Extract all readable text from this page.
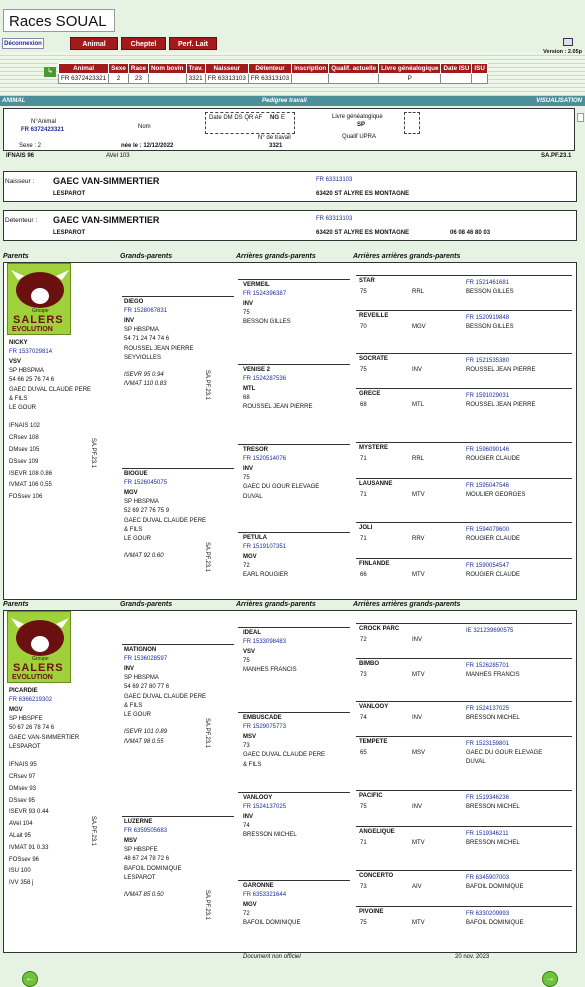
Races SOUAL
Version : 2.05p
Déconnexion	Animal	Cheptel	Perf. Lait
↳	Animal	Sexe	Race	Nom bovin	Trav.	Naisseur	Détenteur	Inscription	Qualif. actuelle	Livre généalogique	Date ISU	ISU
FR 6372423321	2	23		3321	FR 63313103	FR 63313103			P		
ANIMAL	Pedigree travail	VISUALISATION
N°Animal
FR 6372423321	Nom
Date DM DS QR AF NG E
N° de travail
3321
Livre généalogique
SP
Qualif UPRA
Sexe : 2	née le : 12/12/2022
IFNAIS 96	AVel 103	SA.PF.23.1
Naisseur : GAEC VAN-SIMMERTIER
LESPAROT
FR 63313103
63420 ST ALYRE ES MONTAGNE
Détenteur : GAEC VAN-SIMMERTIER
LESPAROT
FR 63313103
63420 ST ALYRE ES MONTAGNE	06 08 46 80 03
Document non officiel	20 nov. 2023
←	→
Parents	Grands-parents	Arrières grands-parents	Arrières arrières grands-parents
Groupe
SALERS
EVOLUTION
NICKY
FR 1537029814
VSV
SP HBSPMA
54 66 25 76 74 6
GAEC DUVAL CLAUDE PERE
& FILS
LE GOUR
IFNAIS 102
CRsev 108
DMsev 105
DSsev 109
ISEVR 108 0.86
IVMAT 106 0.55
FOSsev 106
SA.PF.23.1
DIEGO
FR 1528067831
INV
SP HBSPMA
54 71 24 74 74 6
ROUSSEL JEAN PIERRE
SEYVIOLLES
ISEVR 95 0.94
IVMAT 110 0.83	SA.PF.23.1
BIOGUE
FR 1526045075
MGV
SP HBSPMA
52 69 27 76 75 9
GAEC DUVAL CLAUDE PERE
& FILS
LE GOUR
IVMAT 92 0.60	SA.PF.23.1
VERMEIL
FR 1524396387
INV
75
BESSON GILLES
VENISE 2
FR 1524287536
MTL
68
ROUSSEL JEAN PIERRE
TRESOR
FR 1520514076
INV
75
GAEC DU GOUR ELEVAGE
DUVAL
PETULA
FR 1519107351
MGV
72
EARL ROUGIER
STAR
75	RRL
FR 1521461681
BESSON GILLES
REVEILLE
70	MGV
FR 1520919848
BESSON GILLES
SOCRATE
75	INV
FR 1521535380
ROUSSEL JEAN PIERRE
GRECE
68	MTL
FR 1591029031
ROUSSEL JEAN PIERRE
MYSTERE
71	RRL
FR 1596090146
ROUGIER CLAUDE
LAUSANNE
71	MTV
FR 1595047546
MOULIER GEORGES
JOLI
71	RRV
FR 1594079600
ROUGIER CLAUDE
FINLANDE
66	MTV
FR 1590054547
ROUGIER CLAUDE
Parents	Grands-parents	Arrières grands-parents	Arrières arrières grands-parents
Groupe
SALERS
EVOLUTION
PICARDIE
FR 6366219302
MGV
SP HBSPFE
50 67 26 78 74 6
GAEC VAN-SIMMERTIER
LESPAROT
IFNAIS 95
CRsev 97
DMsev 93
DSsev 95
ISEVR 93 0.44
AVel 104
ALait 95
IVMAT 91 0.33
FOSsev 96
ISU 100
IVV 358 j
SA.PF.23.1
MATIGNON
FR 1536028597
INV
SP HBSPMA
54 69 27 80 77 6
GAEC DUVAL CLAUDE PERE
& FILS
LE GOUR
ISEVR 101 0.89
IVMAT 98 0.55	SA.PF.23.1
LUZERNE
FR 6359505683
MSV
SP HBSPFE
48 67 24 78 72 6
BAFOIL DOMINIQUE
LESPAROT
IVMAT 85 0.50	SA.PF.23.1
IDEAL
FR 1533098483
VSV
75
MANHES FRANCIS
EMBUSCADE
FR 1529075773
MSV
73
GAEC DUVAL CLAUDE PERE
& FILS
VANLOOY
FR 1524137025
INV
74
BRESSON MICHEL
GARONNE
FR 6353321644
MGV
72
BAFOIL DOMINIQUE
CROCK PARC
72	INV
IE 321239690575
BIMBO
73	MTV
FR 1526285701
MANHES FRANCIS
VANLOOY
74	INV
FR 1524137025
BRESSON MICHEL
TEMPETE
65	MSV
FR 1523159801
GAEC DU GOUR ELEVAGE
DUVAL
PACIFIC
75	INV
FR 1519346236
BRESSON MICHEL
ANGELIQUE
71	MTV
FR 1519346211
BRESSON MICHEL
CONCERTO
73	AIV
FR 6345907003
BAFOIL DOMINIQUE
PIVOINE
75	MTV
FR 6330209993
BAFOIL DOMINIQUE
